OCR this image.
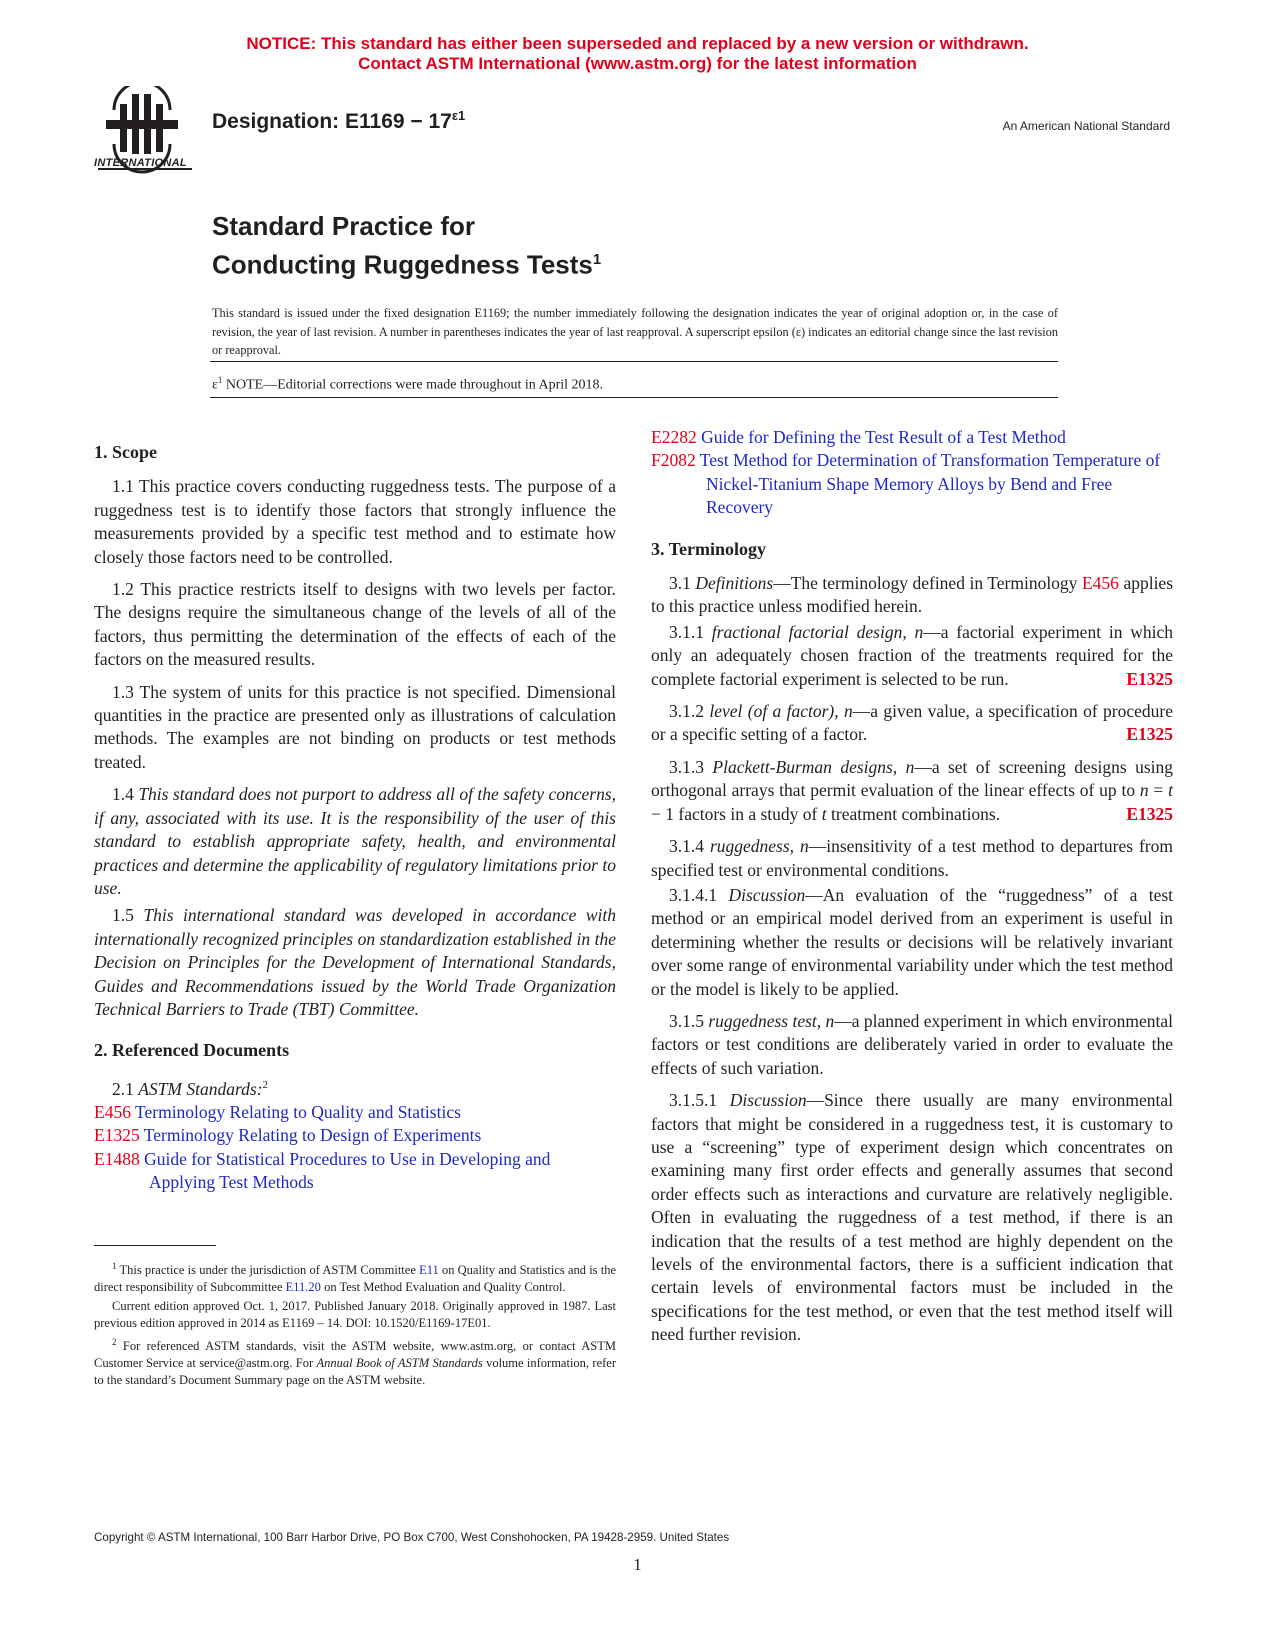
NOTICE: This standard has either been superseded and replaced by a new version or withdrawn.
Contact ASTM International (www.astm.org) for the latest information
INTERNATIONAL
Designation: $E1169 - 17^{\varepsilon 1}$
An American National Standard
Standard Practice for
Conducting Ruggedness Tests$^1$
This standard is issued under the fixed designation E1169; the number immediately following the designation indicates the year of original adoption or, in the case of revision, the year of last revision. A number in parentheses indicates the year of last reapproval. A superscript epsilon (ε) indicates an editorial change since the last revision or reapproval.
$\varepsilon^1$ NOTE—Editorial corrections were made throughout in April 2018.
1. Scope

1.1 This practice covers conducting ruggedness tests. The purpose of a ruggedness test is to identify those factors that strongly influence the measurements provided by a specific test method and to estimate how closely those factors need to be controlled.

1.2 This practice restricts itself to designs with two levels per factor. The designs require the simultaneous change of the levels of all of the factors, thus permitting the determination of the effects of each of the factors on the measured results.

1.3 The system of units for this practice is not specified. Dimensional quantities in the practice are presented only as illustrations of calculation methods. The examples are not binding on products or test methods treated.

1.4 This standard does not purport to address all of the safety concerns, if any, associated with its use. It is the responsibility of the user of this standard to establish appropriate safety, health, and environmental practices and determine the applicability of regulatory limitations prior to use.

1.5 This international standard was developed in accordance with internationally recognized principles on standardization established in the Decision on Principles for the Development of International Standards, Guides and Recommendations issued by the World Trade Organization Technical Barriers to Trade (TBT) Committee.

2. Referenced Documents

2.1 ASTM Standards:$^2$

E456 Terminology Relating to Quality and Statistics
E1325 Terminology Relating to Design of Experiments
E1488 Guide for Statistical Procedures to Use in Developing and Applying Test Methods

$^1$ This practice is under the jurisdiction of ASTM Committee E11 on Quality and Statistics and is the direct responsibility of Subcommittee E11.20 on Test Method Evaluation and Quality Control.

Current edition approved Oct. 1, 2017. Published January 2018. Originally approved in 1987. Last previous edition approved in 2014 as E1169 – 14. DOI: 10.1520/E1169-17E01.

$^2$ For referenced ASTM standards, visit the ASTM website, www.astm.org, or contact ASTM Customer Service at service@astm.org. For Annual Book of ASTM Standards volume information, refer to the standard’s Document Summary page on the ASTM website.

E2282 Guide for Defining the Test Result of a Test Method
F2082 Test Method for Determination of Transformation Temperature of Nickel-Titanium Shape Memory Alloys by Bend and Free Recovery
3. Terminology

3.1 Definitions—The terminology defined in Terminology E456 applies to this practice unless modified herein.

3.1.1 fractional factorial design, n—a factorial experiment in which only an adequately chosen fraction of the treatments required for the complete factorial experiment is selected to be run.	E1325

3.1.2 level (of a factor), n—a given value, a specification of procedure or a specific setting of a factor.	E1325

3.1.3 Plackett-Burman designs, n—a set of screening designs using orthogonal arrays that permit evaluation of the linear effects of up to n = t − 1 factors in a study of t treatment combinations.	E1325

3.1.4 ruggedness, n—insensitivity of a test method to departures from specified test or environmental conditions.

3.1.4.1 Discussion—An evaluation of the “ruggedness” of a test method or an empirical model derived from an experiment is useful in determining whether the results or decisions will be relatively invariant over some range of environmental variability under which the test method or the model is likely to be applied.

3.1.5 ruggedness test, n—a planned experiment in which environmental factors or test conditions are deliberately varied in order to evaluate the effects of such variation.

3.1.5.1 Discussion—Since there usually are many environmental factors that might be considered in a ruggedness test, it is customary to use a “screening” type of experiment design which concentrates on examining many first order effects and generally assumes that second order effects such as interactions and curvature are relatively negligible. Often in evaluating the ruggedness of a test method, if there is an indication that the results of a test method are highly dependent on the levels of the environmental factors, there is a sufficient indication that certain levels of environmental factors must be included in the specifications for the test method, or even that the test method itself will need further revision.

Copyright © ASTM International, 100 Barr Harbor Drive, PO Box C700, West Conshohocken, PA 19428-2959. United States
1
